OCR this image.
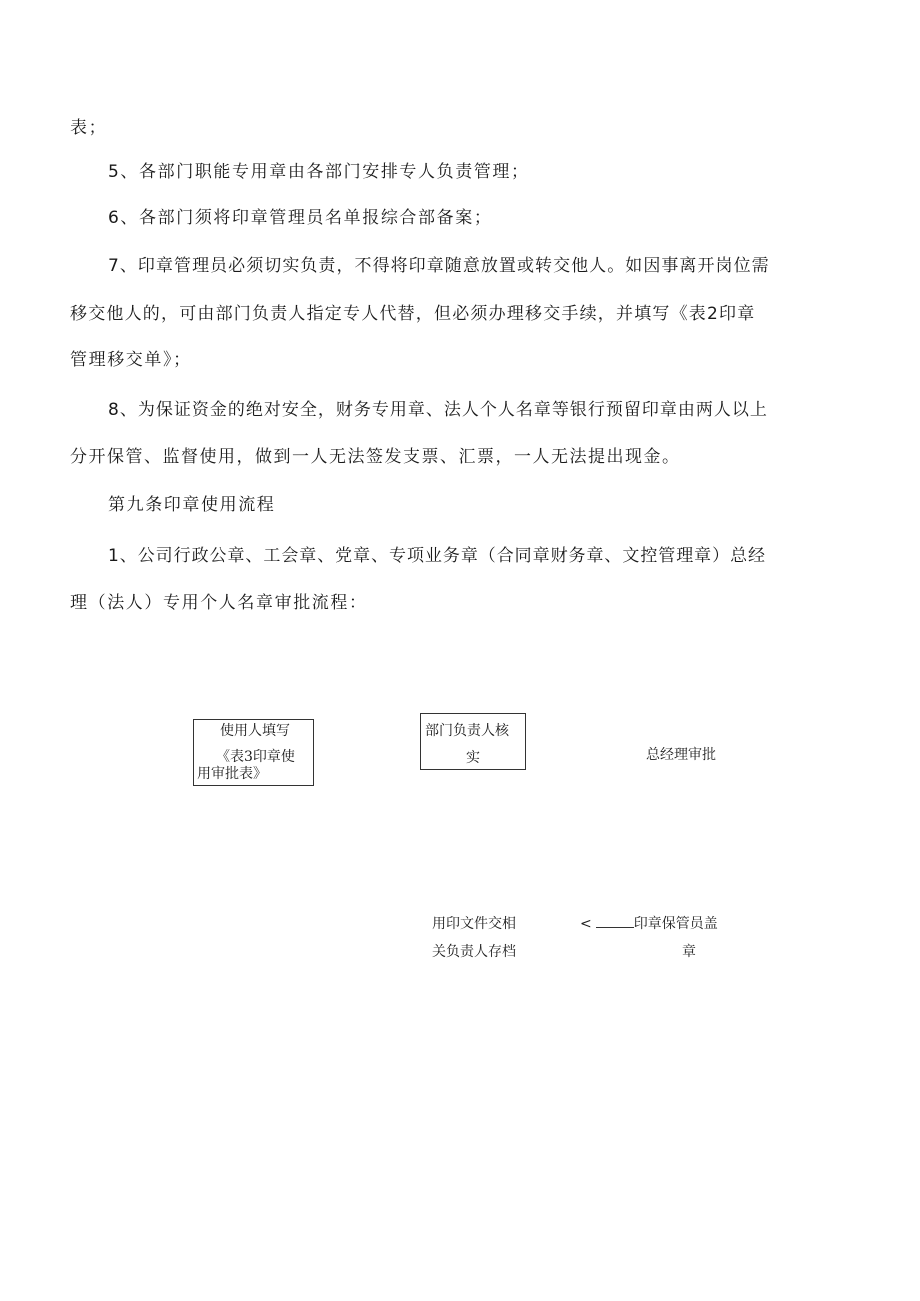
表；
5、各部门职能专用章由各部门安排专人负责管理；
6、各部门须将印章管理员名单报综合部备案；
7、印章管理员必须切实负责，不得将印章随意放置或转交他人。如因事离开岗位需
移交他人的，可由部门负责人指定专人代替，但必须办理移交手续，并填写《表2印章
管理移交单》；
8、为保证资金的绝对安全，财务专用章、法人个人名章等银行预留印章由两人以上
分开保管、监督使用，做到一人无法签发支票、汇票，一人无法提出现金。
第九条印章使用流程
1、公司行政公章、工会章、党章、专项业务章（合同章财务章、文控管理章）总经
理（法人）专用个人名章审批流程：
使用人填写
《表3印章使
用审批表》
部门负责人核
实	总经理审批
用印文件交相
关负责人存档
<	印章保管员盖
章
